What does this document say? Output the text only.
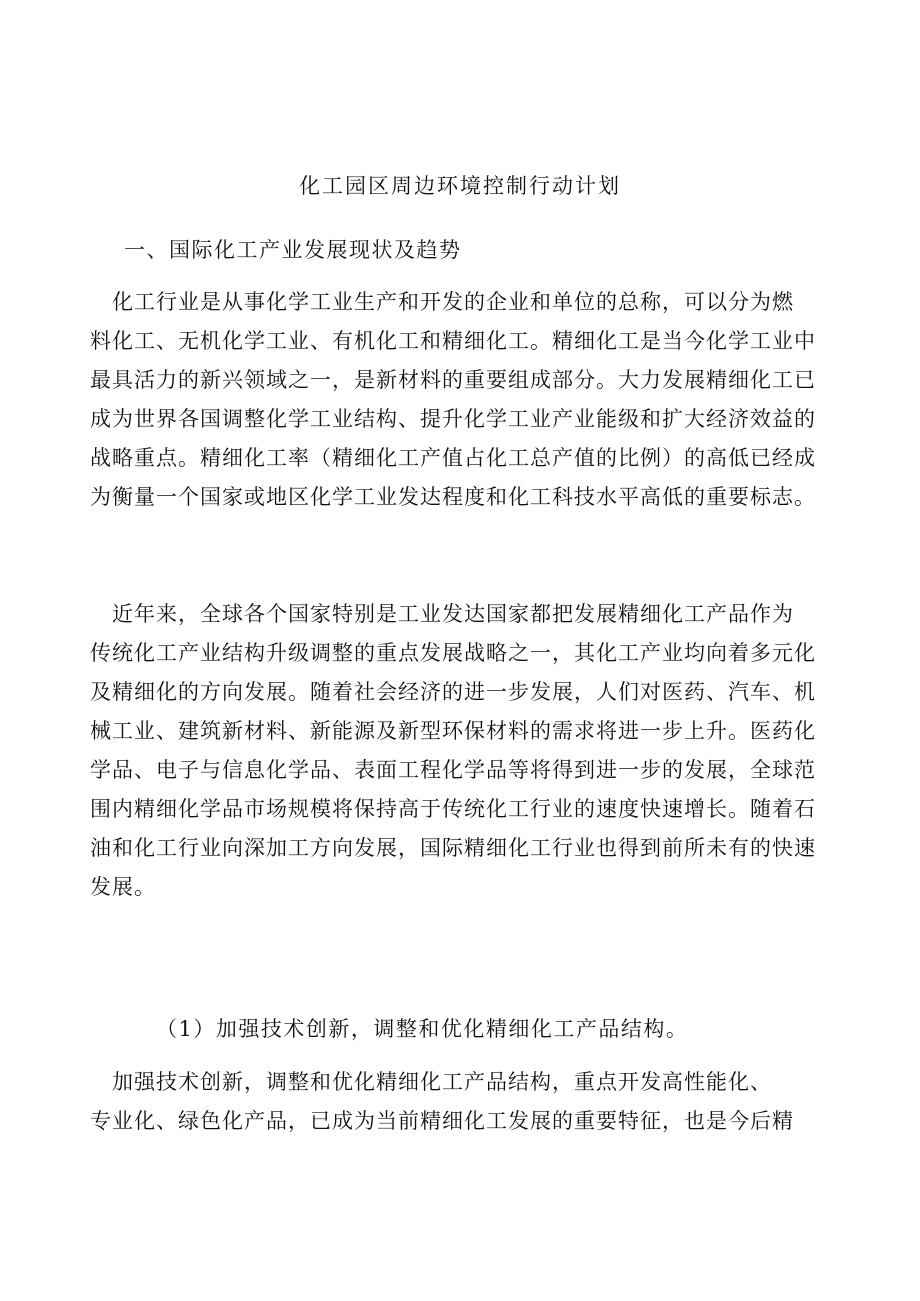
化工园区周边环境控制行动计划
一、国际化工产业发展现状及趋势
　化工行业是从事化学工业生产和开发的企业和单位的总称，可以分为燃
料化工、无机化学工业、有机化工和精细化工。精细化工是当今化学工业中
最具活力的新兴领域之一，是新材料的重要组成部分。大力发展精细化工已
成为世界各国调整化学工业结构、提升化学工业产业能级和扩大经济效益的
战略重点。精细化工率（精细化工产值占化工总产值的比例）的高低已经成
为衡量一个国家或地区化学工业发达程度和化工科技水平高低的重要标志。
　近年来，全球各个国家特别是工业发达国家都把发展精细化工产品作为
传统化工产业结构升级调整的重点发展战略之一，其化工产业均向着多元化
及精细化的方向发展。随着社会经济的进一步发展，人们对医药、汽车、机
械工业、建筑新材料、新能源及新型环保材料的需求将进一步上升。医药化
学品、电子与信息化学品、表面工程化学品等将得到进一步的发展，全球范
围内精细化学品市场规模将保持高于传统化工行业的速度快速增长。随着石
油和化工行业向深加工方向发展，国际精细化工行业也得到前所未有的快速
发展。
（1）加强技术创新，调整和优化精细化工产品结构。
　加强技术创新，调整和优化精细化工产品结构，重点开发高性能化、
专业化、绿色化产品，已成为当前精细化工发展的重要特征，也是今后精
